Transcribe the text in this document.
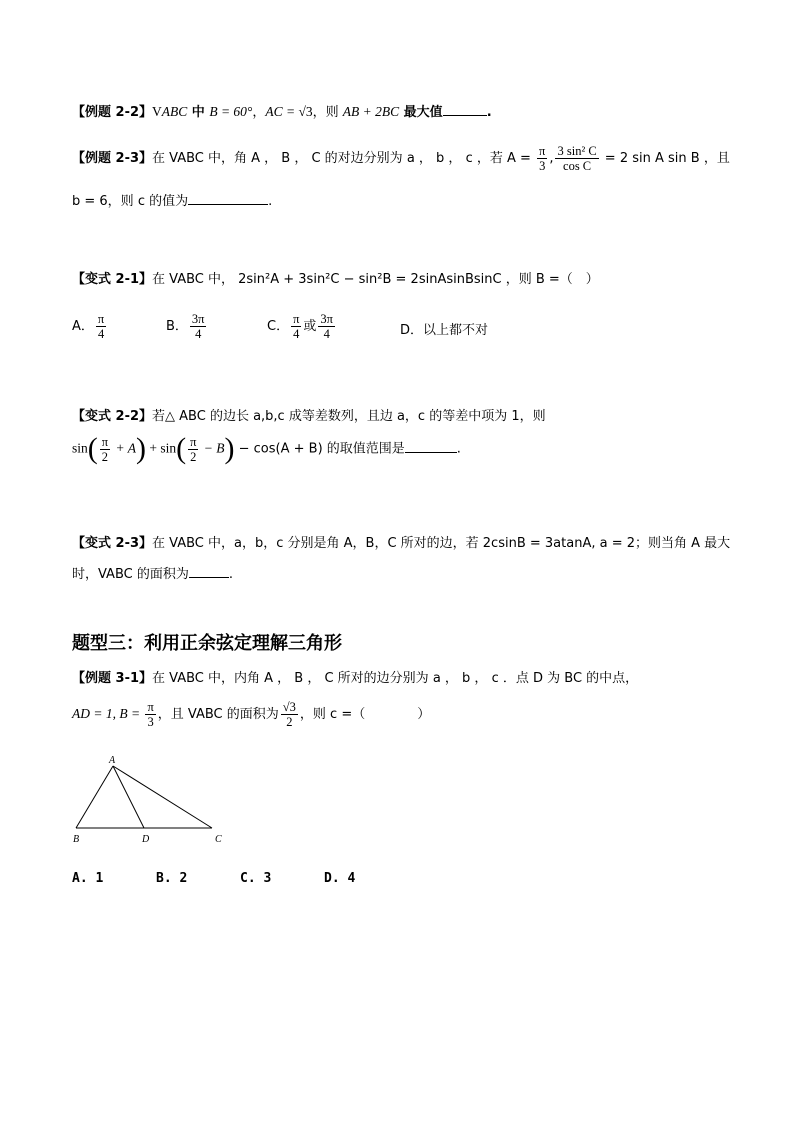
【例题 2-2】VABC 中 B = 60°，AC = √3，则 AB + 2BC 最大值	.
【例题 2-3】在 VABC 中，角 A ， B ， C 的对边分别为 a ， b ， c ，若 $A = \frac{\pi}{3}$ , $\frac{\text{3 sin² C}}{\text{cos C}} = 2$ sin A sin B ，且
b = 6，则 c 的值为	.
【变式 2-1】在 VABC 中， 2sin²A + 3sin²C − sin²B = 2sinAsinBsinC ，则 B =（　）
A． $\frac{\pi}{4}$	B． $\frac{3\pi}{4}$	C． $\frac{\pi}{4}$ 或 $\frac{3\pi}{4}$	D．以上都不对
【变式 2-2】若△ ABC 的边长 a,b,c 成等差数列，且边 a，c 的等差中项为 1，则
$\sin( \frac{\pi}{2} + A) + \sin( \frac{\pi}{2} - B) - \cos(A + B)$ 的取值范围是	.
【变式 2-3】在 VABC 中，a，b，c 分别是角 A，B，C 所对的边，若 2csinB = 3atanA, a = 2；则当角 A 最大
时，VABC 的面积为	.
题型三：利用正余弦定理解三角形
【例题 3-1】在 VABC 中，内角 A ， B ， C 所对的边分别为 a ， b ， c ．点 D 为 BC 的中点，
AD = 1, $B = \frac{\pi}{3}$ ，且 VABC 的面积为 $\frac{√3}{2}$ ，则 c =（　　　　）
A
B	D	C
A. 1	B. 2	C. 3	D. 4
